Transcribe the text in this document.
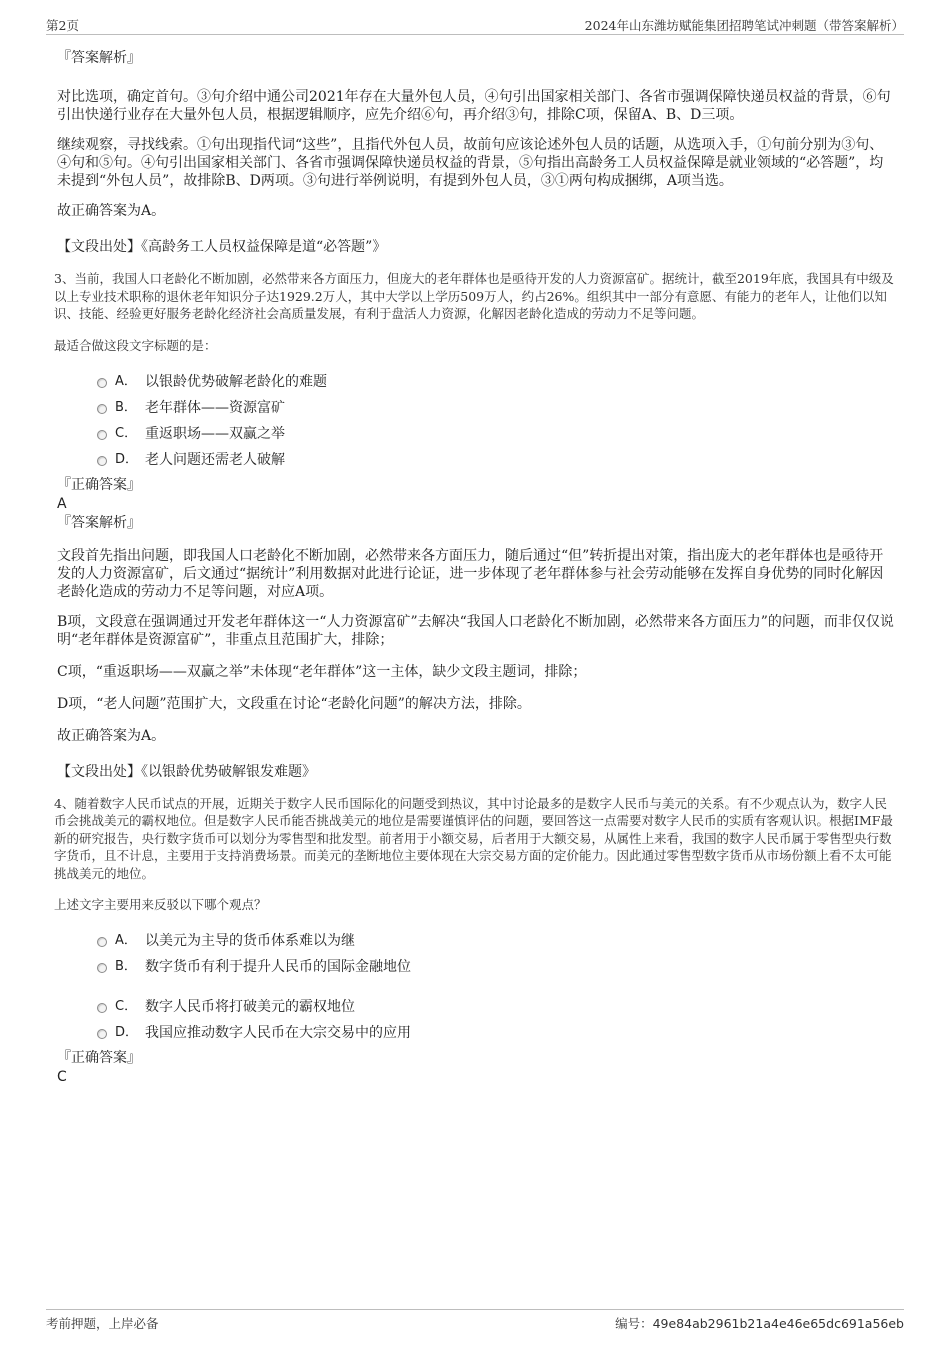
第2页	2024年山东潍坊赋能集团招聘笔试冲刺题（带答案解析）
『答案解析』

对比选项，确定首句。③句介绍中通公司2021年存在大量外包人员，④句引出国家相关部门、各省市强调保障快递员权益的背景，⑥句引出快递行业存在大量外包人员，根据逻辑顺序，应先介绍⑥句，再介绍③句，排除C项，保留A、B、D三项。

继续观察，寻找线索。①句出现指代词“这些”，且指代外包人员，故前句应该论述外包人员的话题，从选项入手，①句前分别为③句、④句和⑤句。④句引出国家相关部门、各省市强调保障快递员权益的背景，⑤句指出高龄务工人员权益保障是就业领域的“必答题”，均未提到“外包人员”，故排除B、D两项。③句进行举例说明，有提到外包人员，③①两句构成捆绑，A项当选。

故正确答案为A。
【文段出处】《高龄务工人员权益保障是道“必答题”》

3、当前，我国人口老龄化不断加剧，必然带来各方面压力，但庞大的老年群体也是亟待开发的人力资源富矿。据统计，截至2019年底，我国具有中级及以上专业技术职称的退休老年知识分子达1929.2万人，其中大学以上学历509万人，约占26%。组织其中一部分有意愿、有能力的老年人，让他们以知识、技能、经验更好服务老龄化经济社会高质量发展，有利于盘活人力资源，化解因老龄化造成的劳动力不足等问题。

最适合做这段文字标题的是：
A． 以银龄优势破解老龄化的难题
B． 老年群体——资源富矿
C． 重返职场——双赢之举
D． 老人问题还需老人破解
『正确答案』
A
『答案解析』

文段首先指出问题，即我国人口老龄化不断加剧，必然带来各方面压力，随后通过“但”转折提出对策，指出庞大的老年群体也是亟待开发的人力资源富矿，后文通过“据统计”利用数据对此进行论证，进一步体现了老年群体参与社会劳动能够在发挥自身优势的同时化解因老龄化造成的劳动力不足等问题，对应A项。

B项，文段意在强调通过开发老年群体这一“人力资源富矿”去解决“我国人口老龄化不断加剧，必然带来各方面压力”的问题，而非仅仅说明“老年群体是资源富矿”，非重点且范围扩大，排除；

C项，“重返职场——双赢之举”未体现“老年群体”这一主体，缺少文段主题词，排除；

D项，“老人问题”范围扩大，文段重在讨论“老龄化问题”的解决方法，排除。

故正确答案为A。
【文段出处】《以银龄优势破解银发难题》

4、随着数字人民币试点的开展，近期关于数字人民币国际化的问题受到热议，其中讨论最多的是数字人民币与美元的关系。有不少观点认为，数字人民币会挑战美元的霸权地位。但是数字人民币能否挑战美元的地位是需要谨慎评估的问题，要回答这一点需要对数字人民币的实质有客观认识。根据IMF最新的研究报告，央行数字货币可以划分为零售型和批发型。前者用于小额交易，后者用于大额交易，从属性上来看，我国的数字人民币属于零售型央行数字货币，且不计息，主要用于支持消费场景。而美元的垄断地位主要体现在大宗交易方面的定价能力。因此通过零售型数字货币从市场份额上看不太可能挑战美元的地位。

上述文字主要用来反驳以下哪个观点？
A． 以美元为主导的货币体系难以为继
B． 数字货币有利于提升人民币的国际金融地位
C． 数字人民币将打破美元的霸权地位
D． 我国应推动数字人民币在大宗交易中的应用
『正确答案』
C
考前押题，上岸必备	编号：49e84ab2961b21a4e46e65dc691a56eb
